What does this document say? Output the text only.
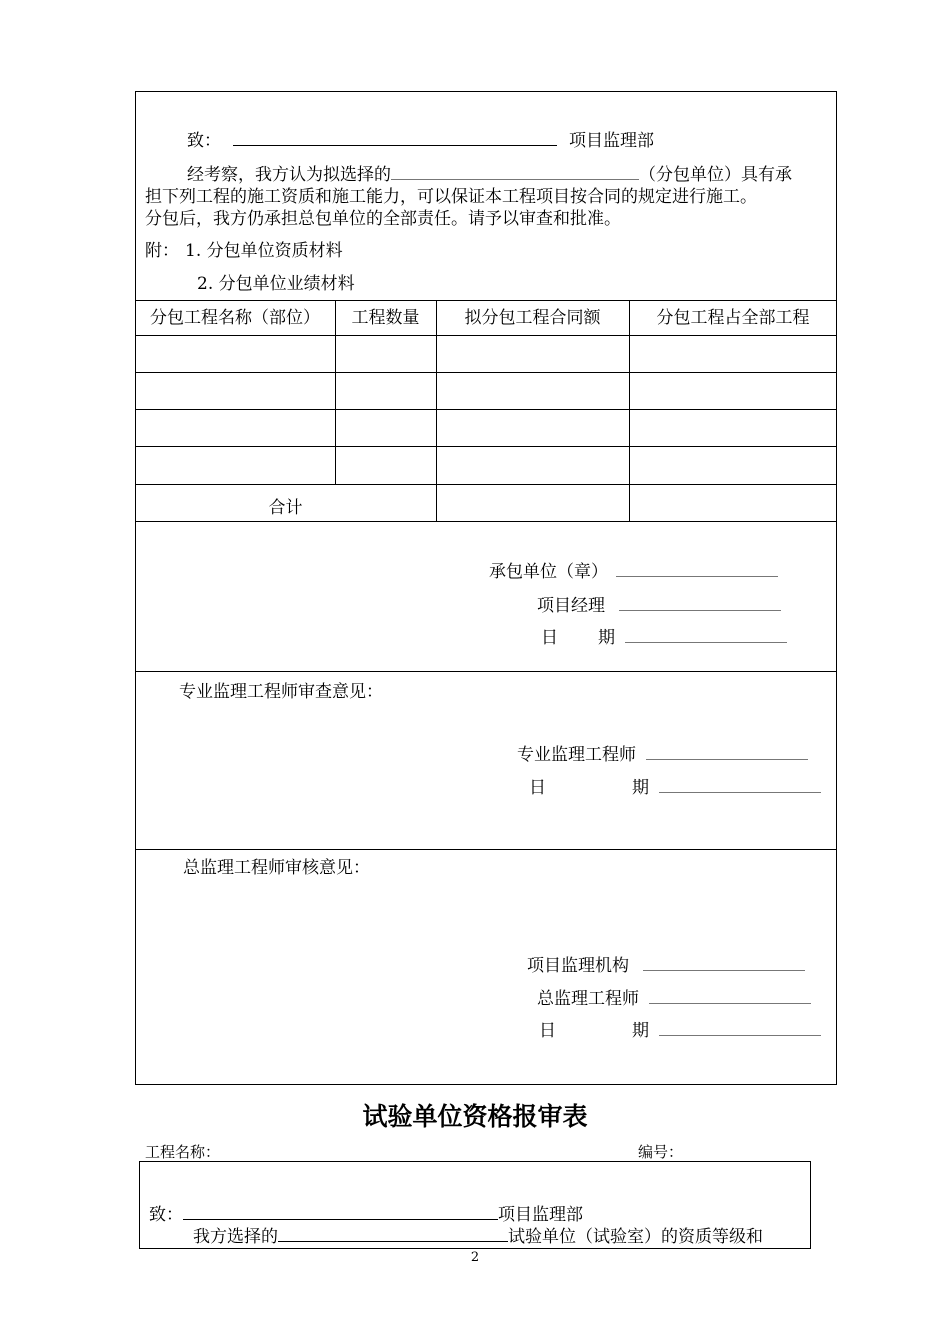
致：	项目监理部
经考察，我方认为拟选择的	（分包单位）具有承
担下列工程的施工资质和施工能力，可以保证本工程项目按合同的规定进行施工。
分包后，我方仍承担总包单位的全部责任。请予以审查和批准。
附： 1. 分包单位资质材料
2. 分包单位业绩材料
分包工程名称（部位）	工程数量	拟分包工程合同额	分包工程占全部工程
合计
承包单位（章）
项目经理
日 期
专业监理工程师审查意见：
专业监理工程师
日	期
总监理工程师审核意见：
项目监理机构
总监理工程师
日	期
试验单位资格报审表
工程名称：	编号：
致：	项目监理部
我方选择的	试验单位（试验室）的资质等级和
2
